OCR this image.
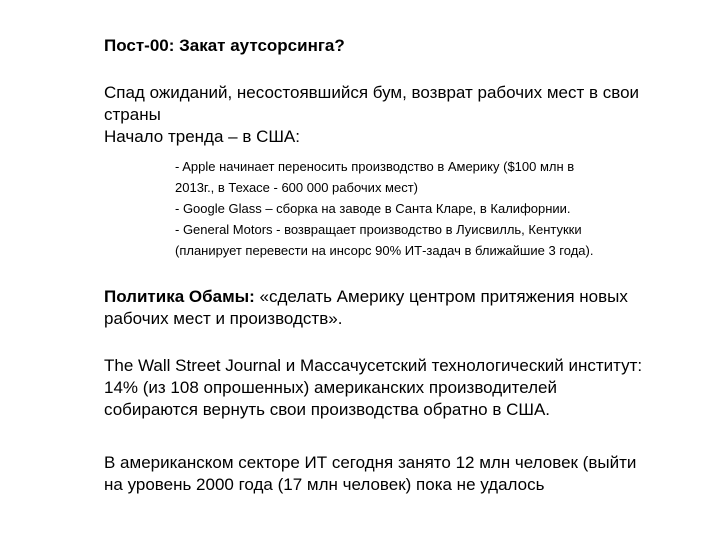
Пост-00: Закат аутсорсинга?
Спад ожиданий, несостоявшийся бум, возврат рабочих мест в свои
страны
Начало тренда – в США:
- Apple начинает переносить производство в Америку ($100 млн в
2013г., в Техасе - 600 000 рабочих мест)
- Google Glass – сборка на заводе в Санта Кларе, в Калифорнии.
- General Motors - возвращает производство в Луисвилль, Кентукки
(планирует перевести на инсорс 90% ИТ-задач в ближайшие 3 года).
Политика Обамы: «сделать Америку центром притяжения новых
рабочих мест и производств».
The Wall Street Journal и Массачусетский технологический институт:
14% (из 108 опрошенных) американских производителей
собираются вернуть свои производства обратно в США.
В американском секторе ИТ сегодня занято 12 млн человек (выйти
на уровень 2000 года (17 млн человек) пока не удалось
